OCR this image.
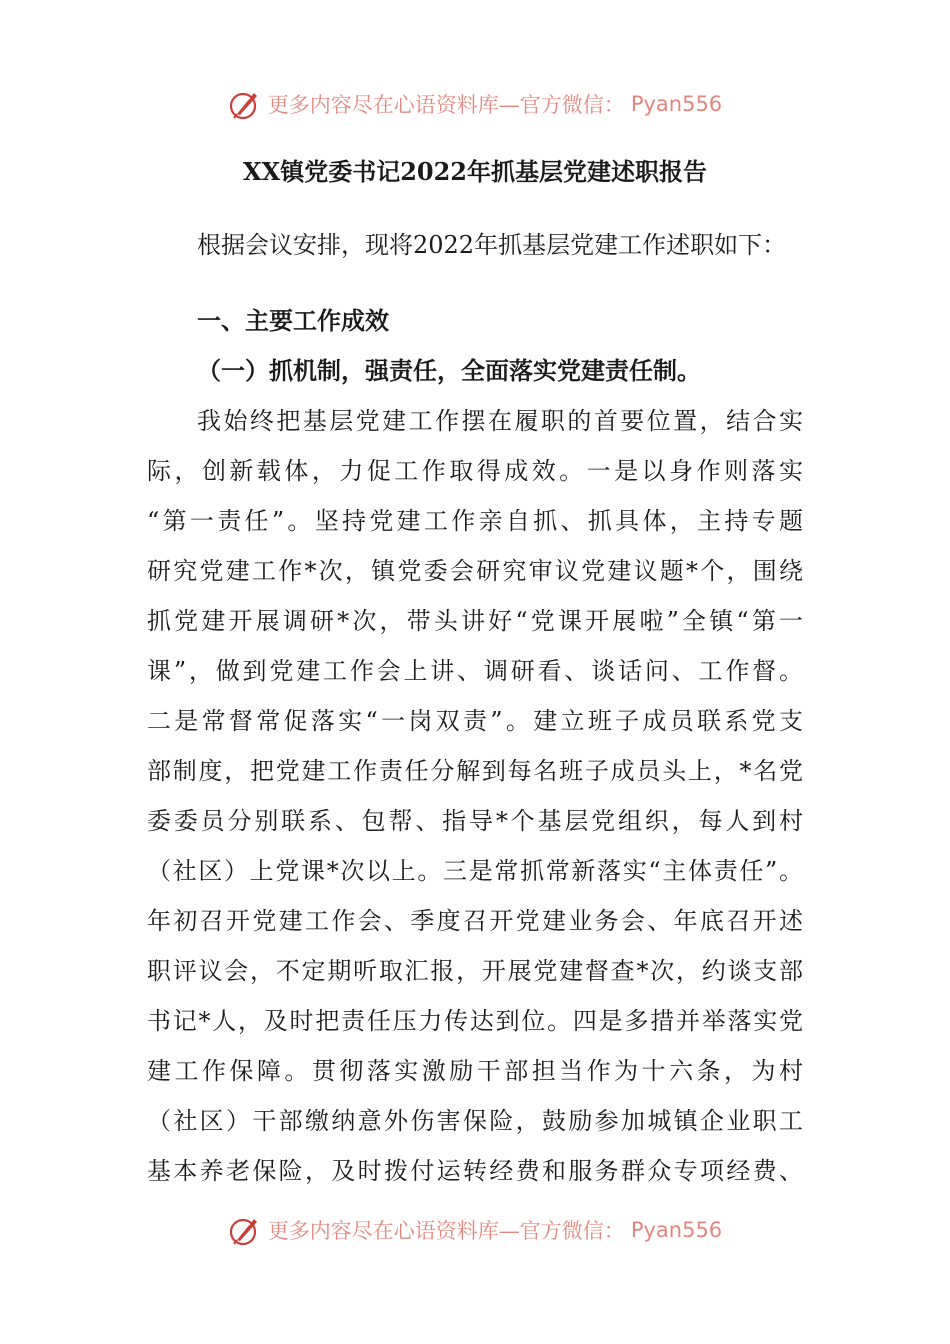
更多内容尽在心语资料库—官方微信： Pyan556
XX镇党委书记2022年抓基层党建述职报告
根据会议安排，现将2022年抓基层党建工作述职如下：
一、主要工作成效
（一）抓机制，强责任，全面落实党建责任制。
我始终把基层党建工作摆在履职的首要位置，结合实
际，创新载体，力促工作取得成效。一是以身作则落实
“第一责任”。坚持党建工作亲自抓、抓具体，主持专题
研究党建工作*次，镇党委会研究审议党建议题*个，围绕
抓党建开展调研*次，带头讲好“党课开展啦”全镇“第一
课”，做到党建工作会上讲、调研看、谈话问、工作督。
二是常督常促落实“一岗双责”。建立班子成员联系党支
部制度，把党建工作责任分解到每名班子成员头上，*名党
委委员分别联系、包帮、指导*个基层党组织，每人到村
（社区）上党课*次以上。三是常抓常新落实“主体责任”。
年初召开党建工作会、季度召开党建业务会、年底召开述
职评议会，不定期听取汇报，开展党建督查*次，约谈支部
书记*人，及时把责任压力传达到位。四是多措并举落实党
建工作保障。贯彻落实激励干部担当作为十六条，为村
（社区）干部缴纳意外伤害保险，鼓励参加城镇企业职工
基本养老保险，及时拨付运转经费和服务群众专项经费、
更多内容尽在心语资料库—官方微信： Pyan556
